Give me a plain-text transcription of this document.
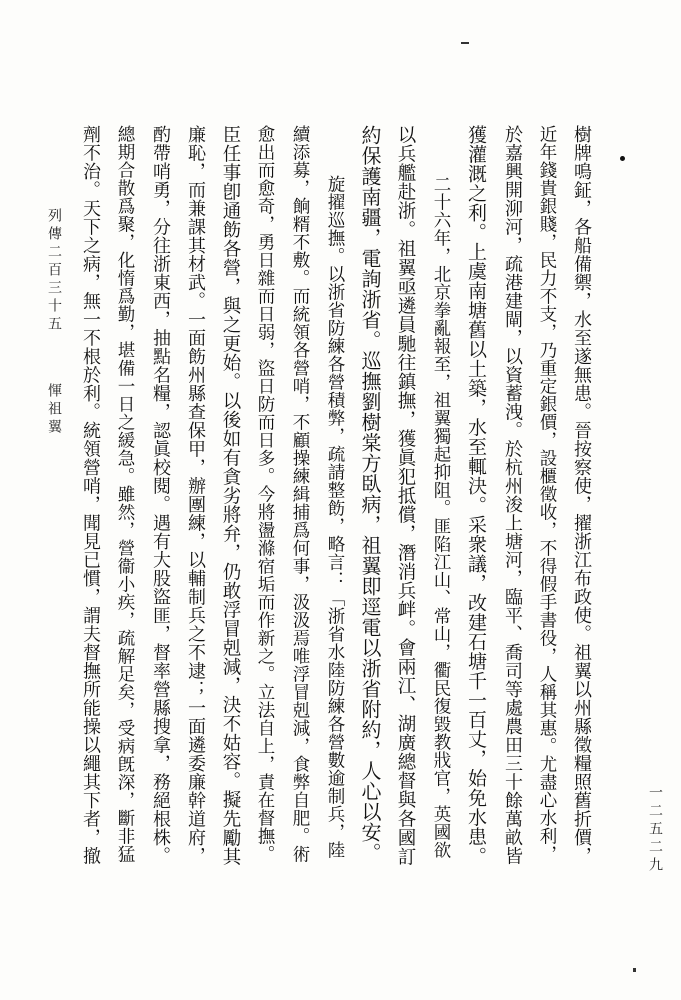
樹牌鳴鉦，各船備禦，水至遂無患。晉按察使，擢浙江布政使。祖翼以州縣徵糧照舊折價，
近年錢貴銀賤，民力不支，乃重定銀價，設櫃徵收，不得假手書役，人稱其惠。尤盡心水利，
於嘉興開泖河，疏港建閘，以資蓄洩。於杭州浚上塘河，臨平、喬司等處農田三十餘萬畝皆
獲灌溉之利。上虞南塘舊以土築，水至輒決。采衆議，改建石塘千一百丈，始免水患。
二十六年，北京拳亂報至，祖翼獨起抑阻。匪陷江山、常山，衢民復毀教戕官，英國欲
以兵艦赴浙。祖翼亟遴員馳往鎮撫，獲眞犯抵償，潛消兵衅。會兩江、湖廣總督與各國訂
約保護南疆，電詢浙省。巡撫劉樹棠方臥病，祖翼即逕電以浙省附約，人心以安。
旋擢巡撫。以浙省防練各營積弊，疏請整飭，略言：「浙省水陸防練各營數逾制兵，陸
續添募，餉糈不敷。而統領各營哨，不顧操練緝捕爲何事，汲汲焉唯浮冒剋減，食弊自肥。術
愈出而愈奇，勇日雜而日弱，盜日防而日多。今將盪滌宿垢而作新之。立法自上，責在督撫。
臣任事卽通飭各營，與之更始。以後如有貪劣將弁，仍敢浮冒剋減，決不姑容。擬先勵其
廉恥，而兼課其材武。一面飭州縣查保甲，辦團練，以輔制兵之不逮；一面遴委廉幹道府，
酌帶哨勇，分往浙東西，抽點名糧，認眞校閱。遇有大股盜匪，督率營縣搜拿，務絕根株。
總期合散爲聚，化惰爲勤，堪備一日之緩急。雖然，營衞小疾，疏解足矣，受病旣深，斷非猛
劑不治。天下之病，無一不根於利。統領營哨，聞見已慣，謂夫督撫所能操以繩其下者，撤
列傳二百三十五
惲祖翼
一二五二九
